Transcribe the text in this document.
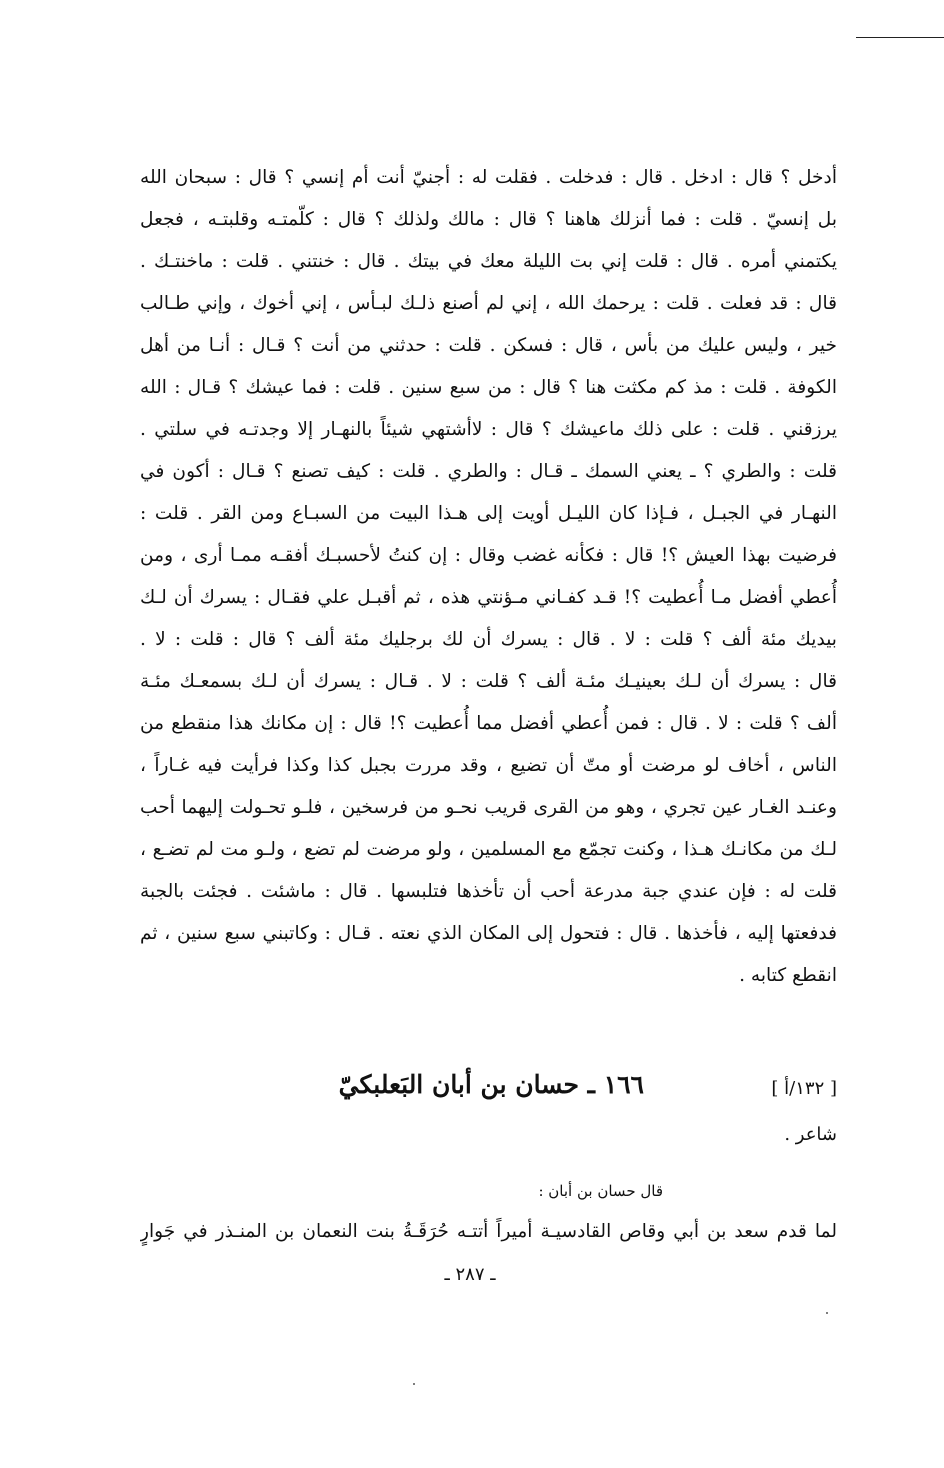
أدخل ؟ قال : ادخل . قال : فدخلت . فقلت له : أجنيّ أنت أم إنسي ؟ قال : سبحان الله
بل إنسيّ . قلت : فما أنزلك هاهنا ؟ قال : مالك ولذلك ؟ قال : كلّمتـه وقلبتـه ، فجعل
يكتمني أمره . قال : قلت إني بت الليلة معك في بيتك . قال : خنتني . قلت : ماخنتـك .
قال : قد فعلت . قلت : يرحمك الله ، إني لم أصنع ذلـك لبـأس ، إني أخوك ، وإني طـالب
خير ، وليس عليك من بأس ، قال : فسكن . قلت : حدثني من أنت ؟ قـال : أنـا من أهل
الكوفة . قلت : مذ كم مكثت هنا ؟ قال : من سبع سنين . قلت : فما عيشك ؟ قـال : الله
يرزقني . قلت : على ذلك ماعيشك ؟ قال : لاأشتهي شيئاً بالنهـار إلا وجدتـه في سلتي .
قلت : والطري ؟ ـ يعني السمك ـ قـال : والطري . قلت : كيف تصنع ؟ قـال : أكون في
النهـار في الجبـل ، فـإذا كان الليـل أويت إلى هـذا البيت من السبـاع ومن القر . قلت :
فرضيت بهذا العيش ؟! قال : فكأنه غضب وقال : إن كنتُ لأحسبـك أفقـه ممـا أرى ، ومن
أُعطي أفضل مـا أُعطيت ؟! قـد كفـاني مـؤنتي هذه ، ثم أقبـل علي فقـال : يسرك أن لـك
بيديك مئة ألف ؟ قلت : لا . قال : يسرك أن لك برجليك مئة ألف ؟ قال : قلت : لا .
قال : يسرك أن لـك بعينيـك مئـة ألف ؟ قلت : لا . قـال : يسرك أن لـك بسمعـك مئـة
ألف ؟ قلت : لا . قال : فمن أُعطي أفضل مما أُعطيت ؟! قال : إن مكانك هذا منقطع من
الناس ، أخاف لو مرضت أو متّ أن تضيع ، وقد مررت بجبل كذا وكذا فرأيت فيه غـاراً ،
وعنـد الغـار عين تجري ، وهو من القرى قريب نحـو من فرسخين ، فلـو تحـولت إليهما أحب
لـك من مكانـك هـذا ، وكنت تجمّع مع المسلمين ، ولو مرضت لم تضع ، ولـو مت لم تضـع ،
قلت له : فإن عندي جبة مدرعة أحب أن تأخذها فتلبسها . قال : ماشئت . فجئت بالجبة
فدفعتها إليه ، فأخذها . قال : فتحول إلى المكان الذي نعته . قـال : وكاتبني سبع سنين ، ثم
انقطع كتابه .
[ ١٣٢/أ ]
١٦٦ ـ حسان بن أبان البَعلبكيّ
شاعر .
قال حسان بن أبان :
لما قدم سعد بن أبي وقاص القادسيـة أميراً أتتـه حُرَقَـةُ بنت النعمان بن المنـذر في جَوارٍ
ـ ٢٨٧ ـ
